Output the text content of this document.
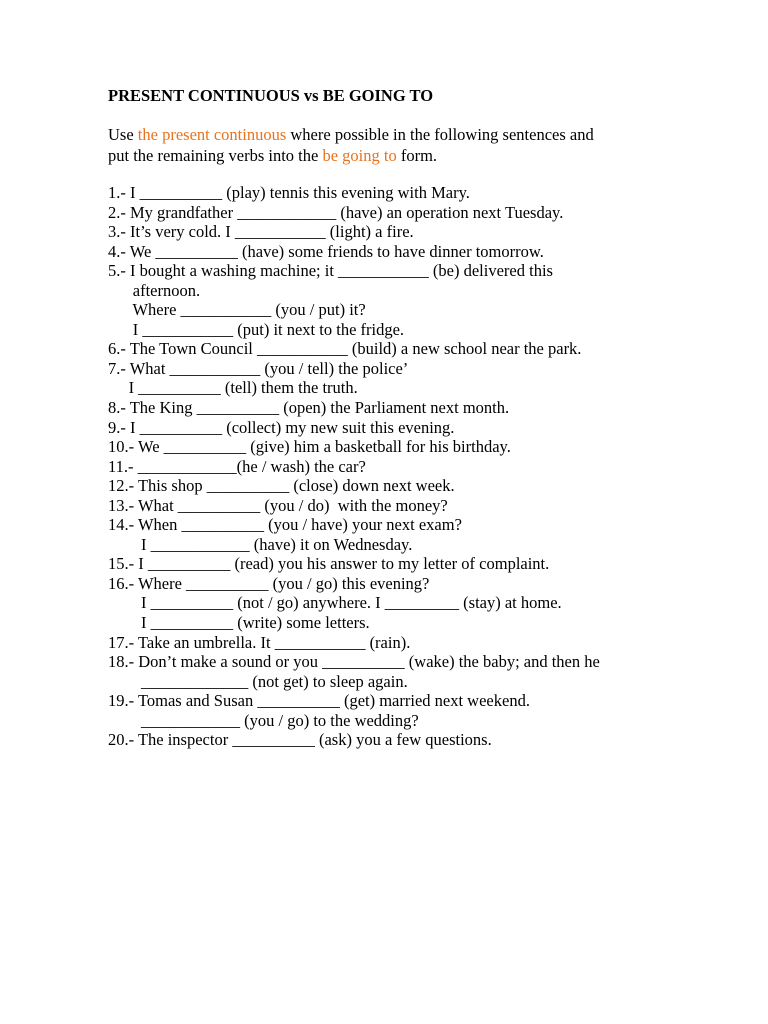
PRESENT CONTINUOUS vs BE GOING TO
Use the present continuous where possible in the following sentences and
put the remaining verbs into the be going to form.
1.- I __________ (play) tennis this evening with Mary.
2.- My grandfather ____________ (have) an operation next Tuesday.
3.- It’s very cold. I ___________ (light) a fire.
4.- We __________ (have) some friends to have dinner tomorrow.
5.- I bought a washing machine; it ___________ (be) delivered this
afternoon.
Where ___________ (you / put) it?
I ___________ (put) it next to the fridge.
6.- The Town Council ___________ (build) a new school near the park.
7.- What ___________ (you / tell) the police’
I __________ (tell) them the truth.
8.- The King __________ (open) the Parliament next month.
9.- I __________ (collect) my new suit this evening.
10.- We __________ (give) him a basketball for his birthday.
11.- ____________(he / wash) the car?
12.- This shop __________ (close) down next week.
13.- What __________ (you / do)  with the money?
14.- When __________ (you / have) your next exam?
I ____________ (have) it on Wednesday.
15.- I __________ (read) you his answer to my letter of complaint.
16.- Where __________ (you / go) this evening?
I __________ (not / go) anywhere. I _________ (stay) at home.
I __________ (write) some letters.
17.- Take an umbrella. It ___________ (rain).
18.- Don’t make a sound or you __________ (wake) the baby; and then he
_____________ (not get) to sleep again.
19.- Tomas and Susan __________ (get) married next weekend.
____________ (you / go) to the wedding?
20.- The inspector __________ (ask) you a few questions.
